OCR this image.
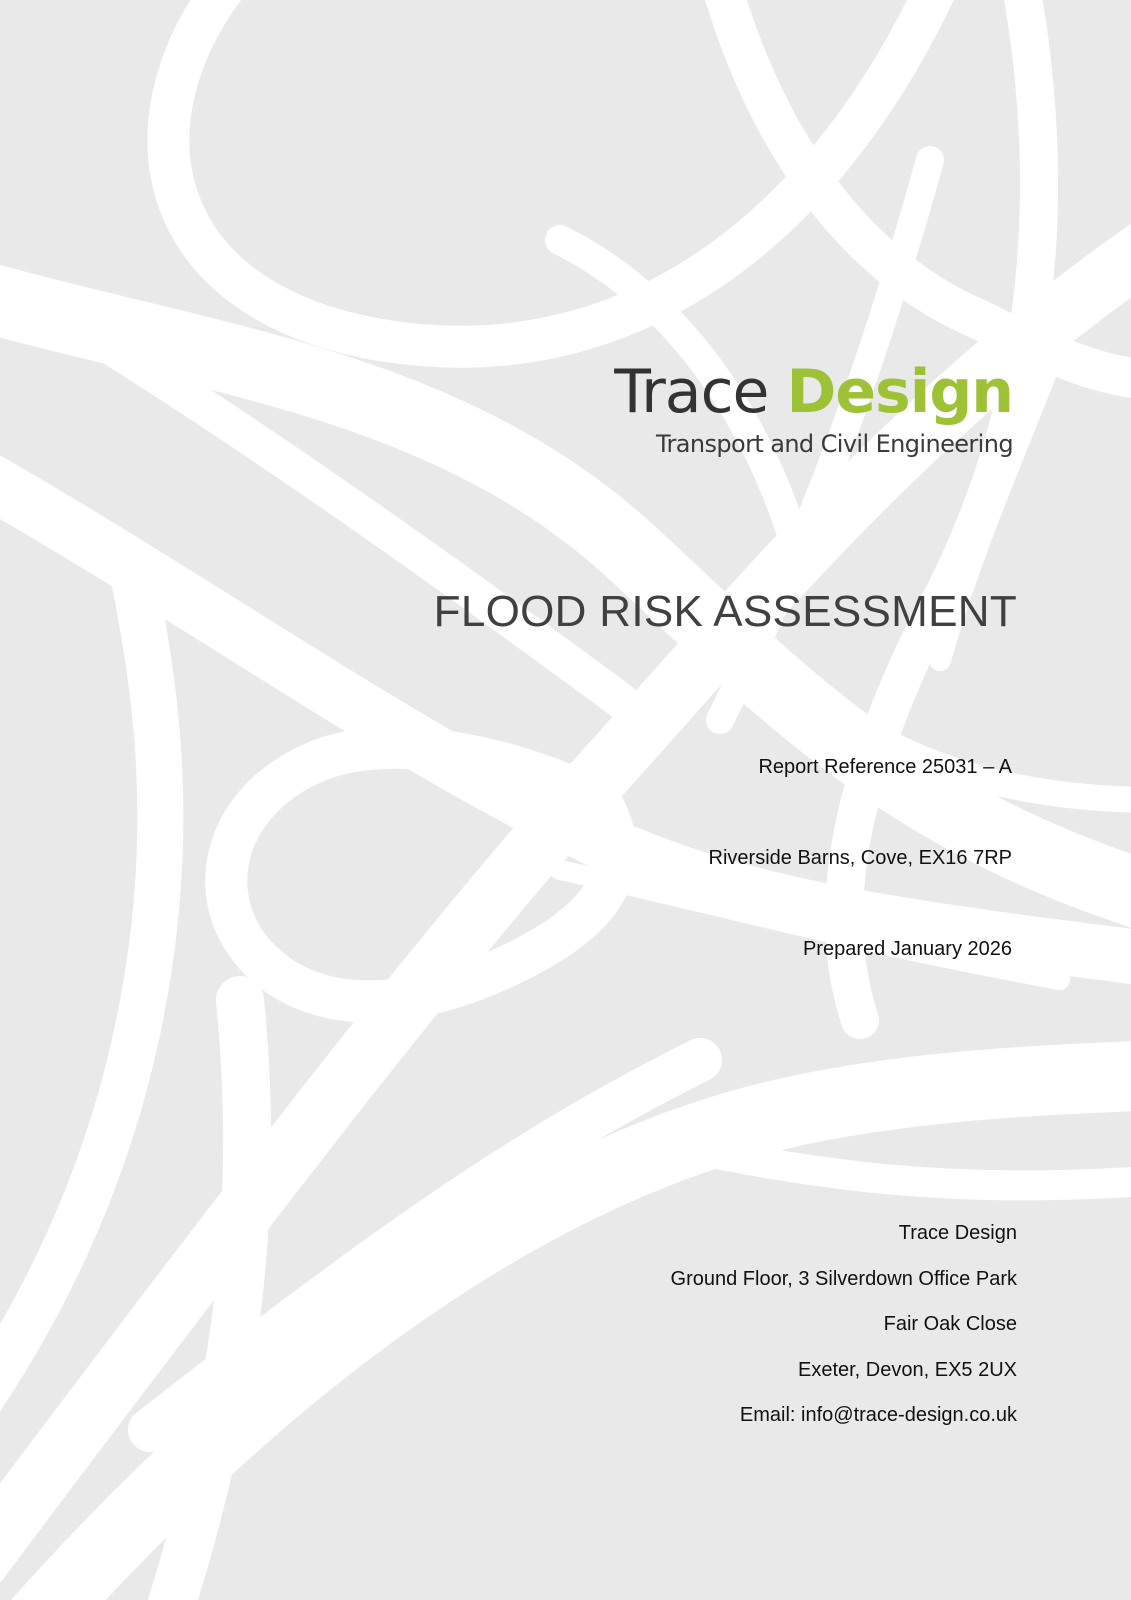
Trace Design
Transport and Civil Engineering
FLOOD RISK ASSESSMENT
Report Reference 25031 – A
Riverside Barns, Cove, EX16 7RP
Prepared January 2026
Trace Design
Ground Floor, 3 Silverdown Office Park
Fair Oak Close
Exeter, Devon, EX5 2UX
Email: info@trace-design.co.uk
